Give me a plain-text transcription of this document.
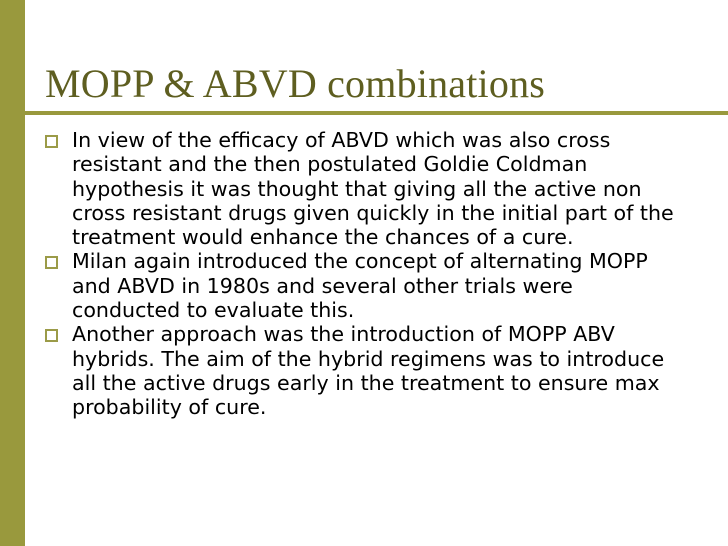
MOPP & ABVD combinations
In view of the efficacy of ABVD which was also cross resistant and the then postulated Goldie Coldman hypothesis it was thought that giving all the active non cross resistant drugs given quickly in the initial part of the treatment would enhance the chances of a cure.
Milan again introduced the concept of alternating MOPP and ABVD in 1980s and several other trials were conducted to evaluate this.
Another approach was the introduction of MOPP ABV hybrids. The aim of the hybrid regimens was to introduce all the active drugs early in the treatment to ensure max probability of cure.
